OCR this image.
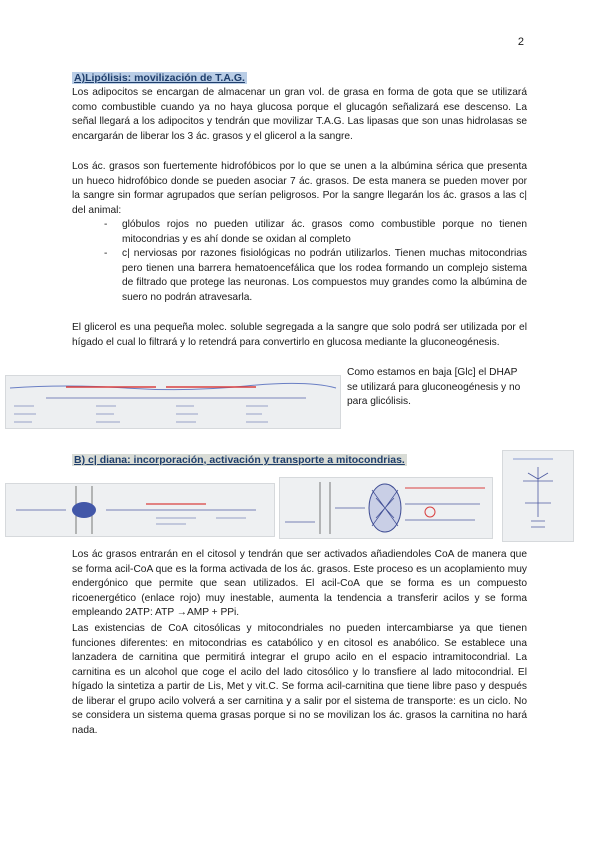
2
A)Lipólisis: movilización de T.A.G.
Los adipocitos se encargan de almacenar un gran vol. de grasa en forma de gota que se utilizará como combustible cuando ya no haya glucosa porque el glucagón señalizará ese descenso. La señal llegará a los adipocitos y tendrán que movilizar T.A.G. Las lipasas que son unas hidrolasas se encargarán de liberar los 3 ác. grasos y el glicerol a la sangre.
Los ác. grasos son fuertemente hidrofóbicos por lo que se unen a la albúmina sérica que presenta un hueco hidrofóbico donde se pueden asociar 7 ác. grasos. De esta manera se pueden mover por la sangre sin formar agrupados que serían peligrosos. Por la sangre llegarán los ác. grasos a las c| del animal:
- glóbulos rojos no pueden utilizar ác. grasos como combustible porque no tienen mitocondrias y es ahí donde se oxidan al completo
- c| nerviosas por razones fisiológicas no podrán utilizarlos. Tienen muchas mitocondrias pero tienen una barrera hematoencefálica que los rodea formando un complejo sistema de filtrado que protege las neuronas. Los compuestos muy grandes como la albúmina de suero no podrán atravesarla.
El glicerol es una pequeña molec. soluble segregada a la sangre que solo podrá ser utilizada por el hígado el cual lo filtrará y lo retendrá para convertirlo en glucosa mediante la gluconeogénesis.
Como estamos en baja [Glc] el DHAP se utilizará para gluconeogénesis y no para glicólisis.
B) c| diana: incorporación, activación y transporte a mitocondrias.
Los ác grasos entrarán en el citosol y tendrán que ser activados añadiendoles CoA de manera que se forma acil-CoA que es la forma activada de los ác. grasos. Este proceso es un acoplamiento muy endergónico que permite que sean utilizados. El acil-CoA que se forma es un compuesto ricoenergético (enlace rojo) muy inestable, aumenta la tendencia a transferir acilos y se forma empleando 2ATP: ATP →AMP + PPi.
Las existencias de CoA citosólicas y mitocondriales no pueden intercambiarse ya que tienen funciones diferentes: en mitocondrias es catabólico y en citosol es anabólico. Se establece una lanzadera de carnitina que permitirá integrar el grupo acilo en el espacio intramitocondrial. La carnitina es un alcohol que coge el acilo del lado citosólico y lo transfiere al lado mitocondrial. El hígado la sintetiza a partir de Lis, Met y vit.C. Se forma acil-carnitina que tiene libre paso y después de liberar el grupo acilo volverá a ser carnitina y a salir por el sistema de transporte: es un ciclo. No se considera un sistema quema grasas porque si no se movilizan los ác. grasos la carnitina no hará nada.
